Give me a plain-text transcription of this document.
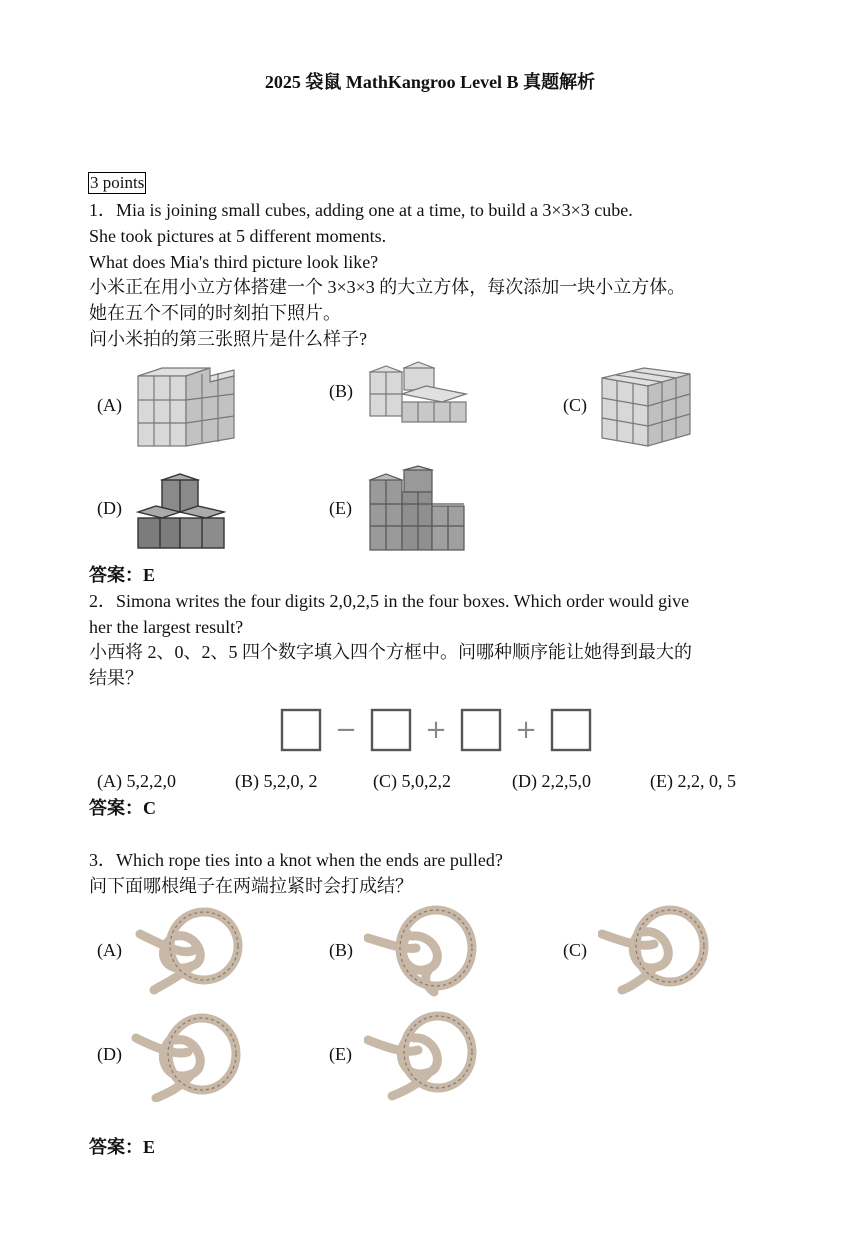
2025 袋鼠 MathKangroo Level B 真题解析
3 points
1．Mia is joining small cubes, adding one at a time, to build a 3×3×3 cube.
She took pictures at 5 different moments.
What does Mia's third picture look like?
小米正在用小立方体搭建一个 3×3×3 的大立方体，每次添加一块小立方体。
她在五个不同的时刻拍下照片。
问小米拍的第三张照片是什么样子?
(A)
(B)
(C)
(D)	(E)
答案：E
2．Simona writes the four digits 2,0,2,5 in the four boxes. Which order would give
her the largest result?
小西将 2、0、2、5 四个数字填入四个方框中。问哪种顺序能让她得到最大的
结果？
−	+	+
(A) 5,2,2,0	(B) 5,2,0, 2	(C) 5,0,2,2	(D) 2,2,5,0	(E) 2,2, 0, 5
答案：C
3．Which rope ties into a knot when the ends are pulled?
问下面哪根绳子在两端拉紧时会打成结？
(A)	(B)	(C)
(D)	(E)
答案：E
